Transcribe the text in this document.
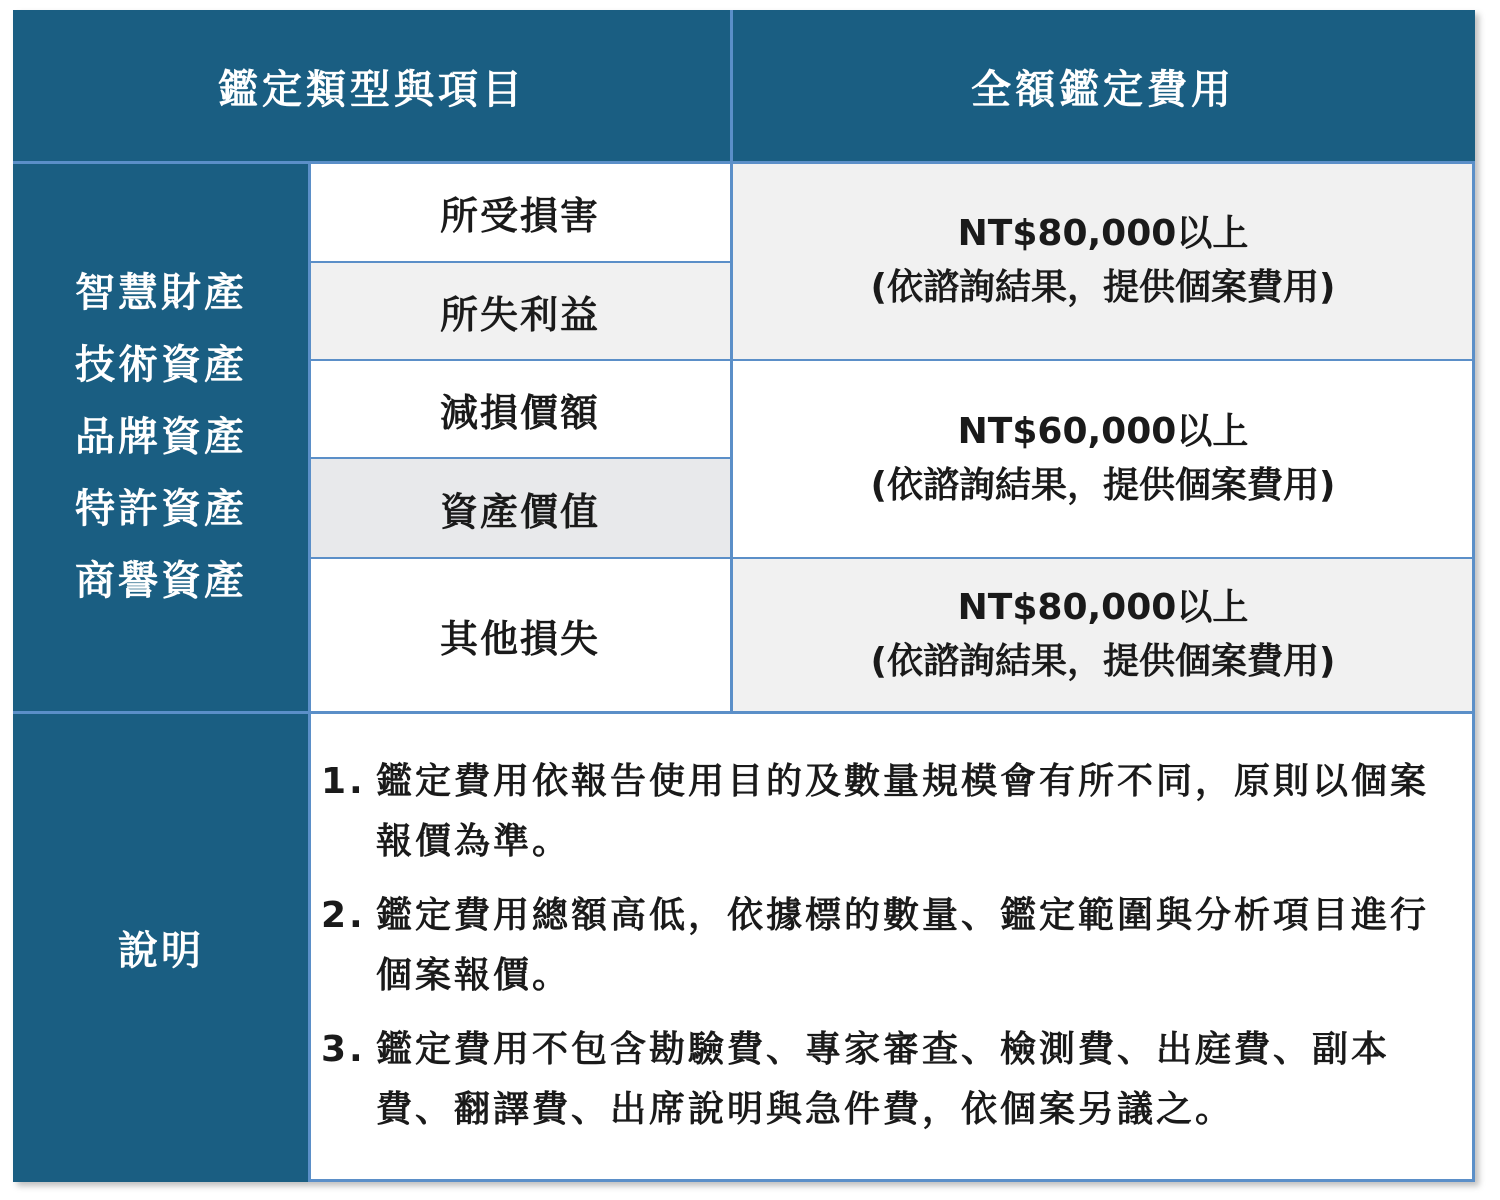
鑑定類型與項目	全額鑑定費用
智慧財產
技術資產
品牌資產
特許資產
商譽資產
所受損害
所失利益
減損價額
資產價值
其他損失
NT$80,000以上
(依諮詢結果，提供個案費用)
NT$60,000以上
(依諮詢結果，提供個案費用)
NT$80,000以上
(依諮詢結果，提供個案費用)
說明
1. 鑑定費用依報告使用目的及數量規模會有所不同，原則以個案報價為準。
2. 鑑定費用總額高低，依據標的數量、鑑定範圍與分析項目進行個案報價。
3. 鑑定費用不包含勘驗費、專家審查、檢測費、出庭費、副本費、翻譯費、出席說明與急件費，依個案另議之。
